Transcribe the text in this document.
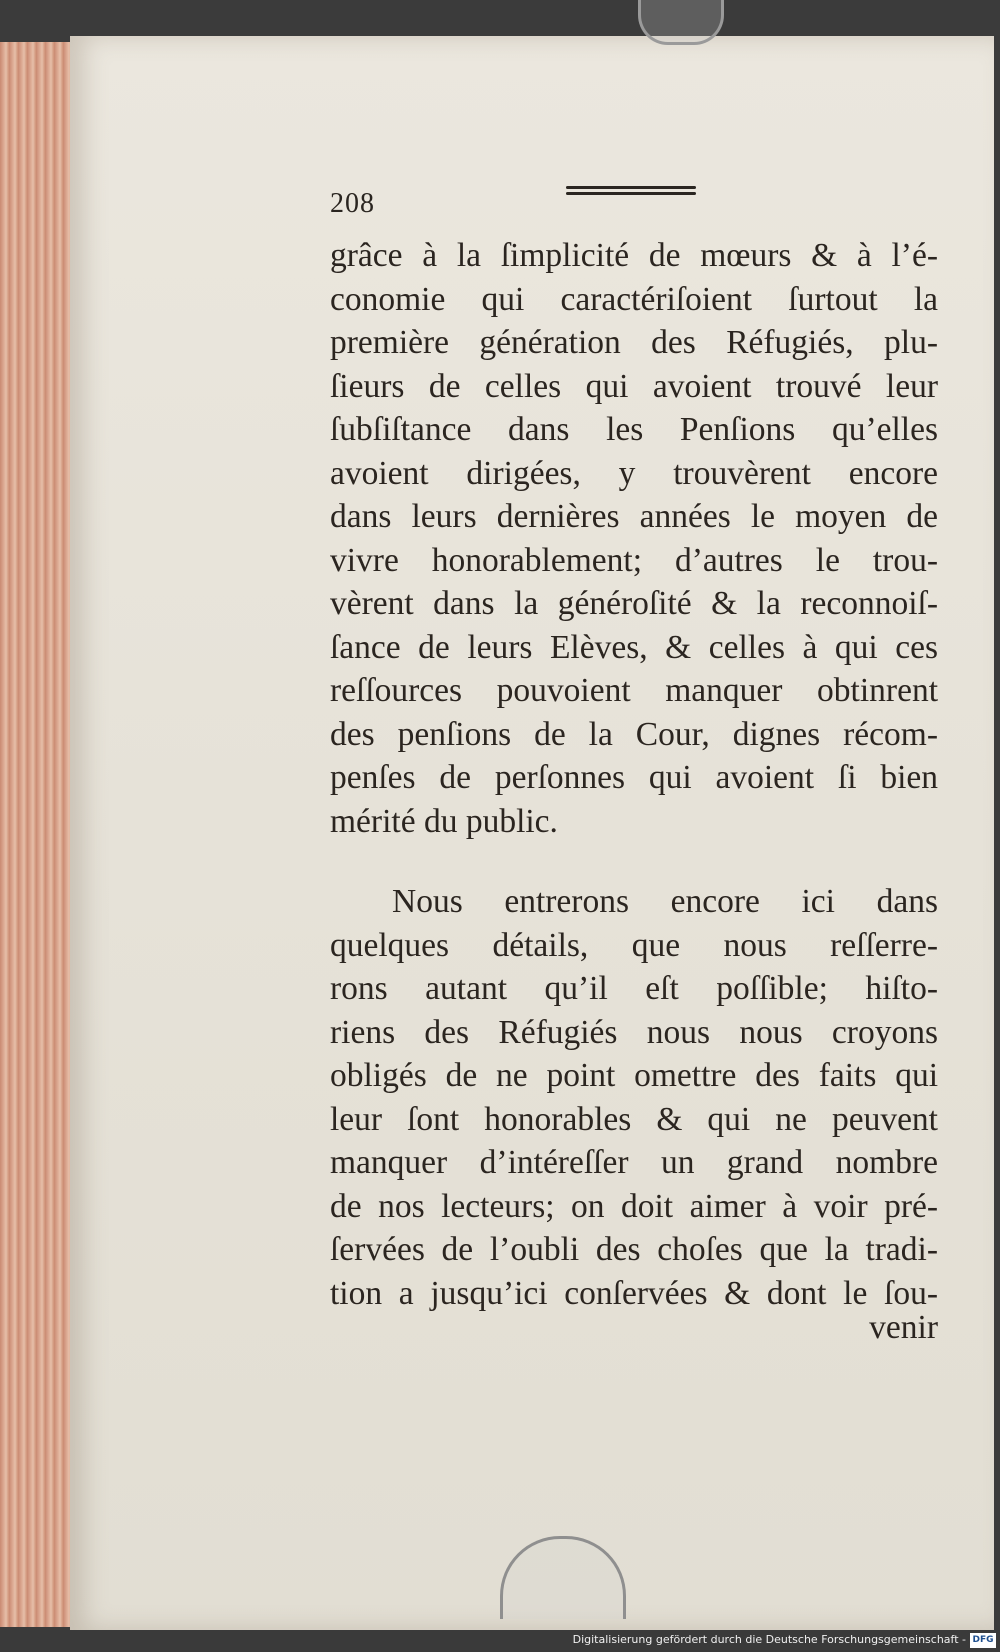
208
grâce à la ſimplicité de mœurs & à l’é-
conomie qui caractériſoient ſurtout la
première génération des Réfugiés, plu-
ſieurs de celles qui avoient trouvé leur
ſubſiſtance dans les Penſions qu’elles
avoient dirigées, y trouvèrent encore
dans leurs dernières années le moyen de
vivre honorablement; d’autres le trou-
vèrent dans la généroſité & la reconnoiſ-
ſance de leurs Elèves, & celles à qui ces
reſſources pouvoient manquer obtinrent
des penſions de la Cour, dignes récom-
penſes de perſonnes qui avoient ſi bien
mérité du public.
Nous entrerons encore ici dans
quelques détails, que nous reſſerre-
rons autant qu’il eſt poſſible; hiſto-
riens des Réfugiés nous nous croyons
obligés de ne point omettre des faits qui
leur ſont honorables & qui ne peuvent
manquer d’intéreſſer un grand nombre
de nos lecteurs; on doit aimer à voir pré-
ſervées de l’oubli des choſes que la tradi-
tion a jusqu’ici conſervées & dont le ſou-
venir
Digitalisierung gefördert durch die Deutsche Forschungsgemeinschaft - DFG
